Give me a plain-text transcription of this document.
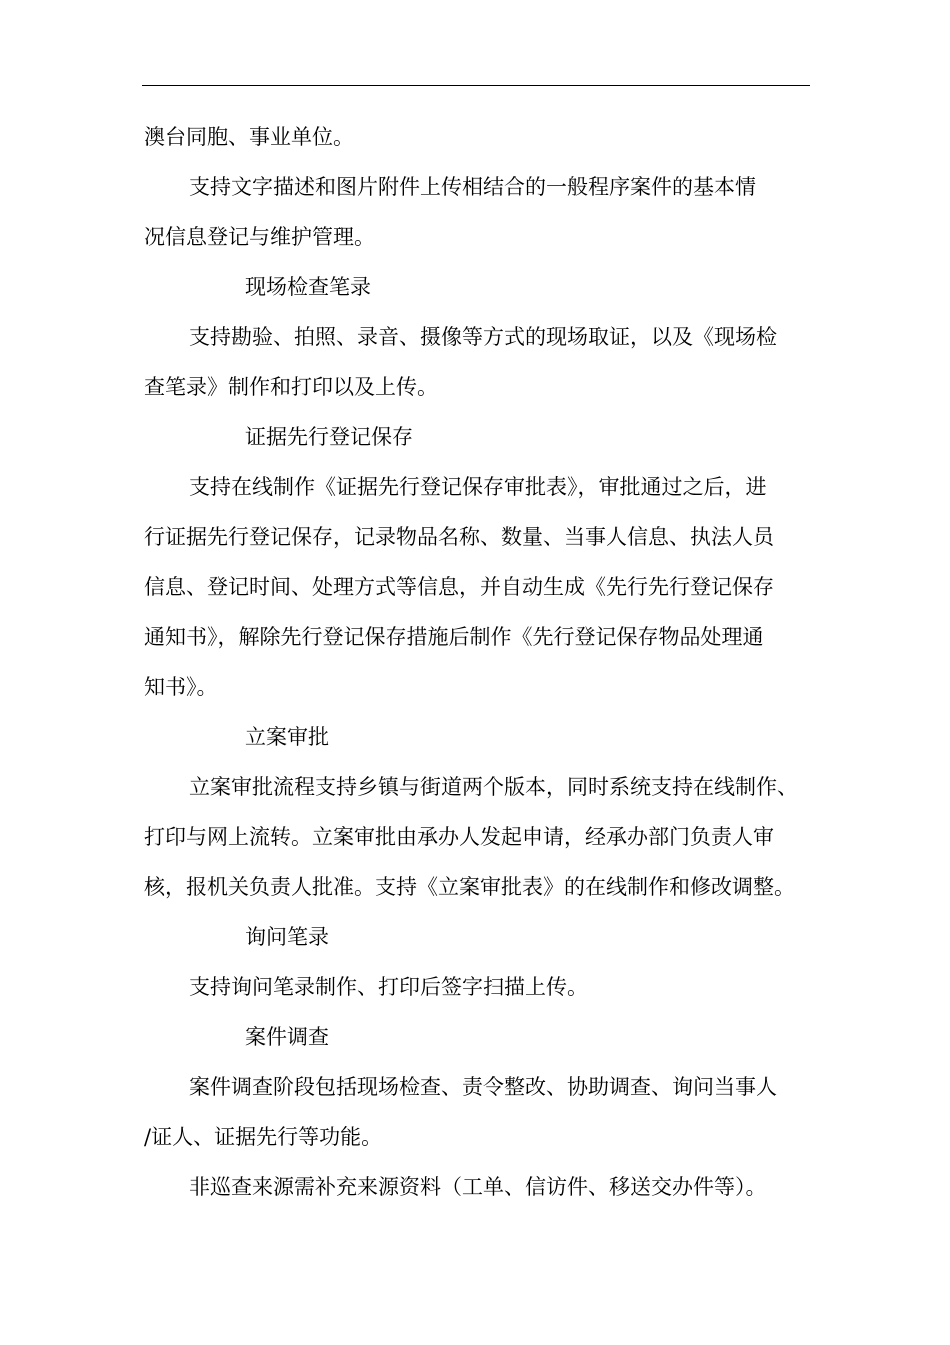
澳台同胞、事业单位。

支持文字描述和图片附件上传相结合的一般程序案件的基本情

况信息登记与维护管理。

现场检查笔录

支持勘验、拍照、录音、摄像等方式的现场取证，以及《现场检

查笔录》制作和打印以及上传。

证据先行登记保存

支持在线制作《证据先行登记保存审批表》，审批通过之后，进

行证据先行登记保存，记录物品名称、数量、当事人信息、执法人员

信息、登记时间、处理方式等信息，并自动生成《先行先行登记保存

通知书》，解除先行登记保存措施后制作《先行登记保存物品处理通

知书》。

立案审批

立案审批流程支持乡镇与街道两个版本，同时系统支持在线制作、

打印与网上流转。立案审批由承办人发起申请，经承办部门负责人审

核，报机关负责人批准。支持《立案审批表》的在线制作和修改调整。

询问笔录

支持询问笔录制作、打印后签字扫描上传。

案件调查

案件调查阶段包括现场检查、责令整改、协助调查、询问当事人

/证人、证据先行等功能。

非巡查来源需补充来源资料（工单、信访件、移送交办件等）。
